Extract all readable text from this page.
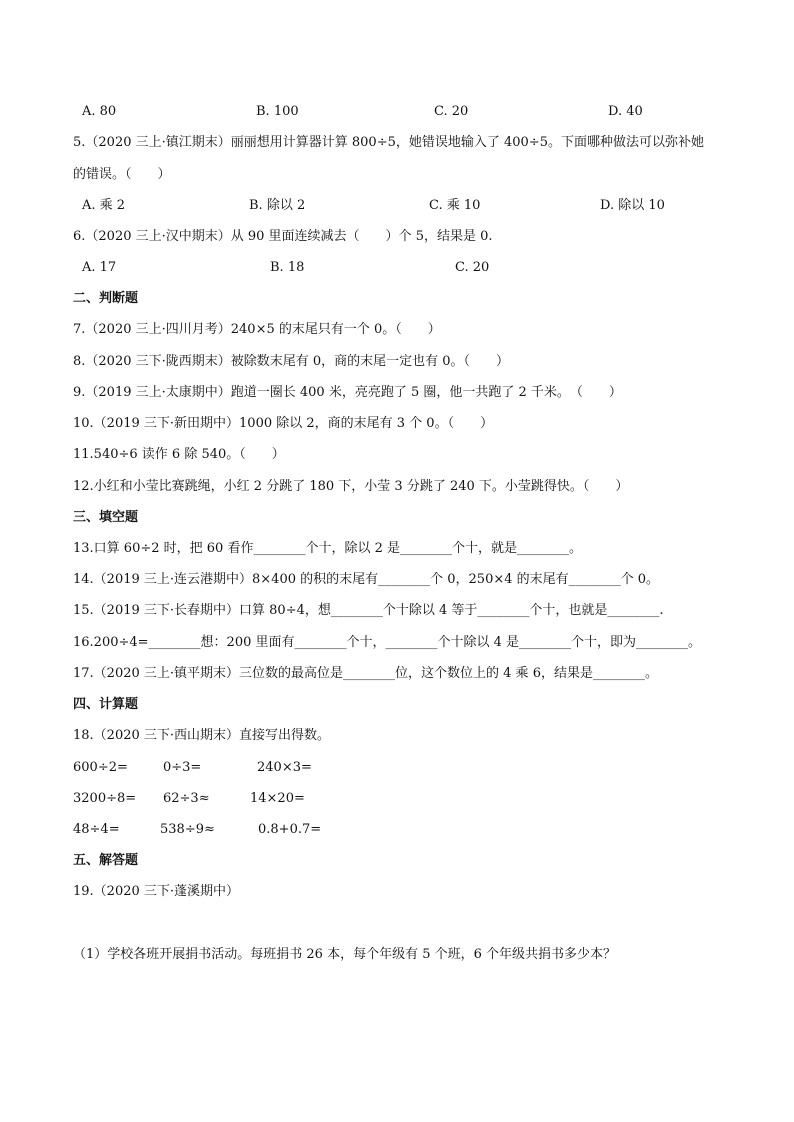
A. 80	B. 100	C. 20	D. 40
5.（2020 三上·镇江期末）丽丽想用计算器计算 800÷5，她错误地输入了 400÷5。下面哪种做法可以弥补她
的错误。（　　）
A. 乘 2	B. 除以 2	C. 乘 10	D. 除以 10
6.（2020 三上·汉中期末）从 90 里面连续减去（　　）个 5，结果是 0.
A. 17	B. 18	C. 20
二、判断题
7.（2020 三上·四川月考）240×5 的末尾只有一个 0。（　　）
8.（2020 三下·陇西期末）被除数末尾有 0，商的末尾一定也有 0。（　　）
9.（2019 三上·太康期中）跑道一圈长 400 米，亮亮跑了 5 圈，他一共跑了 2 千米。　（　　）
10.（2019 三下·新田期中）1000 除以 2，商的末尾有 3 个 0。（　　）
11.540÷6 读作 6 除 540。（　　）
12.小红和小莹比赛跳绳，小红 2 分跳了 180 下，小莹 3 分跳了 240 下。小莹跳得快。（　　）
三、填空题
13.口算 60÷2 时，把 60 看作________个十，除以 2 是________个十，就是________。
14.（2019 三上·连云港期中）8×400 的积的末尾有________个 0，250×4 的末尾有________个 0。
15.（2019 三下·长春期中）口算 80÷4，想________个十除以 4 等于________个十，也就是________.
16.200÷4=________想：200 里面有________个十，________个十除以 4 是________个十，即为________。
17.（2020 三上·镇平期末）三位数的最高位是________位，这个数位上的 4 乘 6，结果是________。
四、计算题
18.（2020 三下·西山期末）直接写出得数。
600÷2=	0÷3=	240×3=
3200÷8= 62÷3≈	14×20=
48÷4=	538÷9≈	0.8+0.7=
五、解答题
19.（2020 三下·蓬溪期中）
（1）学校各班开展捐书活动。每班捐书 26 本，每个年级有 5 个班，6 个年级共捐书多少本？
